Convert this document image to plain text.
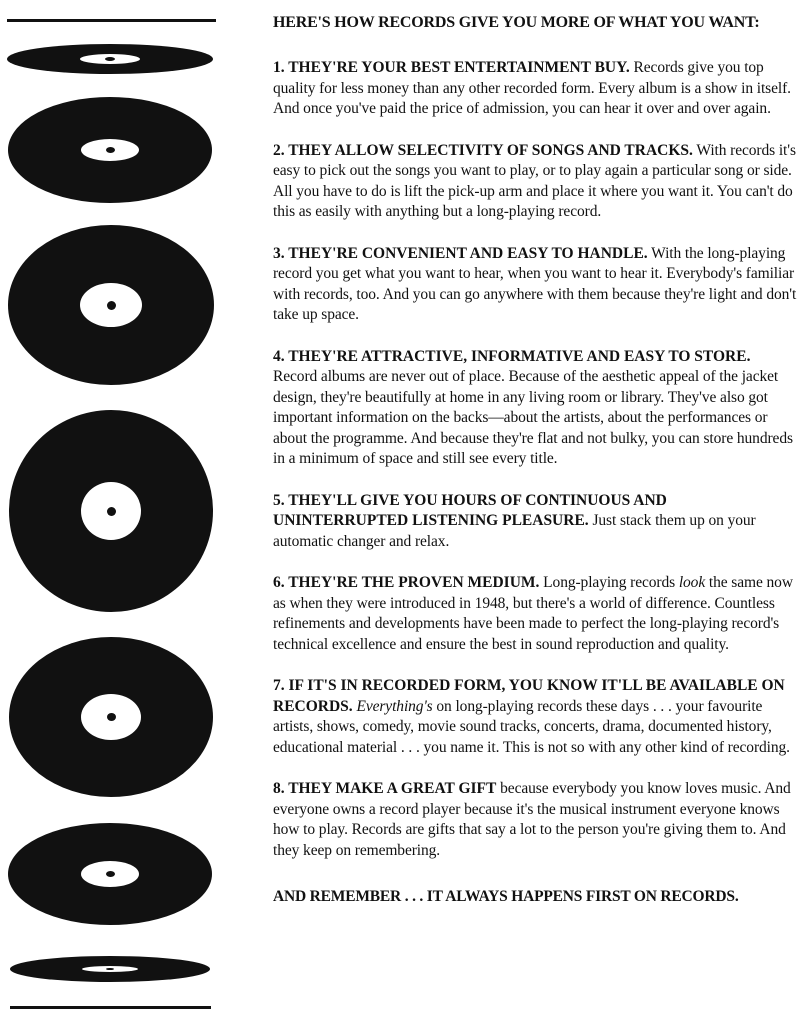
HERE'S HOW RECORDS GIVE YOU MORE OF WHAT YOU WANT:

1. THEY'RE YOUR BEST ENTERTAINMENT BUY. Records give you top quality for less money than any other recorded form. Every album is a show in itself. And once you've paid the price of admission, you can hear it over and over again.

2. THEY ALLOW SELECTIVITY OF SONGS AND TRACKS. With records it's easy to pick out the songs you want to play, or to play again a particular song or side. All you have to do is lift the pick-up arm and place it where you want it. You can't do this as easily with anything but a long-playing record.

3. THEY'RE CONVENIENT AND EASY TO HANDLE. With the long-playing record you get what you want to hear, when you want to hear it. Everybody's familiar with records, too. And you can go anywhere with them because they're light and don't take up space.

4. THEY'RE ATTRACTIVE, INFORMATIVE AND EASY TO STORE. Record albums are never out of place. Because of the aesthetic appeal of the jacket design, they're beautifully at home in any living room or library. They've also got important information on the backs—about the artists, about the performances or about the programme. And because they're flat and not bulky, you can store hundreds in a minimum of space and still see every title.

5. THEY'LL GIVE YOU HOURS OF CONTINUOUS AND UNINTERRUPTED LISTENING PLEASURE. Just stack them up on your automatic changer and relax.

6. THEY'RE THE PROVEN MEDIUM. Long-playing records look the same now as when they were introduced in 1948, but there's a world of difference. Countless refinements and developments have been made to perfect the long-playing record's technical excellence and ensure the best in sound reproduction and quality.

7. IF IT'S IN RECORDED FORM, YOU KNOW IT'LL BE AVAILABLE ON RECORDS. Everything's on long-playing records these days . . . your favourite artists, shows, comedy, movie sound tracks, concerts, drama, documented history, educational material . . . you name it. This is not so with any other kind of recording.

8. THEY MAKE A GREAT GIFT because everybody you know loves music. And everyone owns a record player because it's the musical instrument everyone knows how to play. Records are gifts that say a lot to the person you're giving them to. And they keep on remembering.

AND REMEMBER . . . IT ALWAYS HAPPENS FIRST ON RECORDS.
